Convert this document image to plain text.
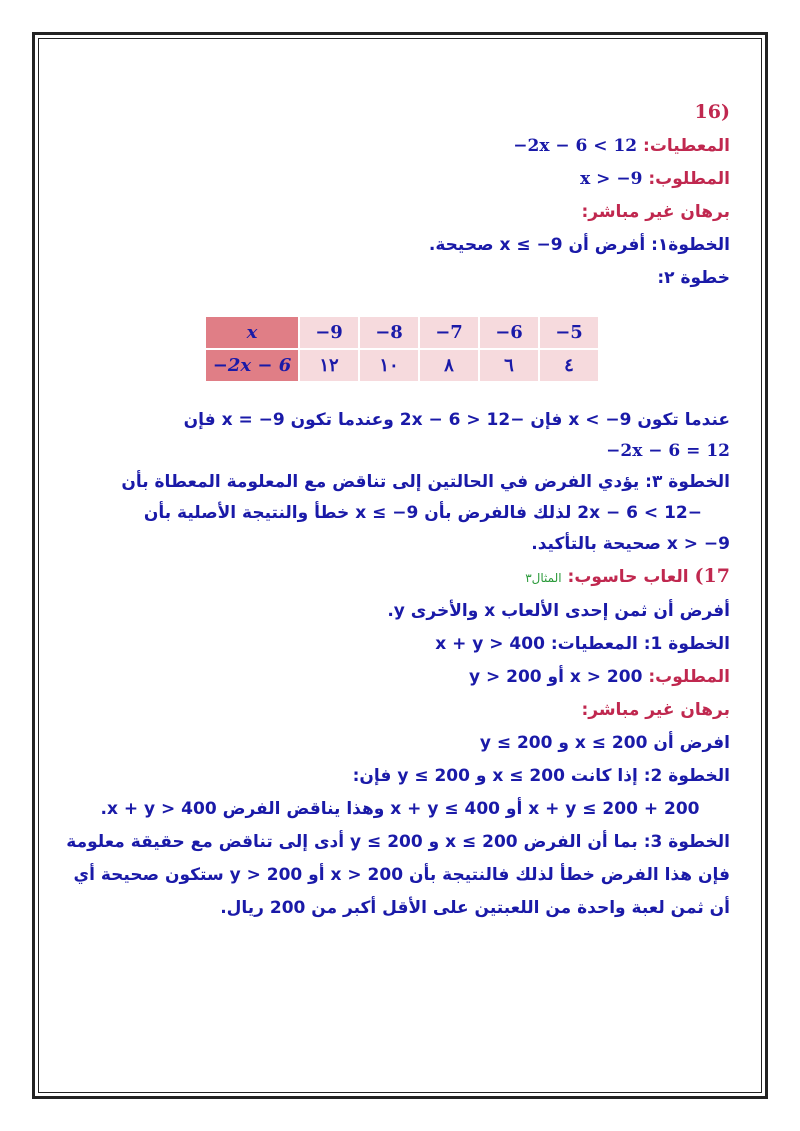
(16
المعطيات: −2x − 6 < 12
المطلوب: x > −9
برهان غير مباشر:
الخطوة١: أفرض أن x ≤ −9 صحيحة.
خطوة ٢:
x	−9	−8	−7	−6	−5
−2x − 6	١٢	١٠	٨	٦	٤
عندما تكون x < −9 فإن −2x − 6 > 12 وعندما تكون x = −9 فإن
−2x − 6 = 12
الخطوة ٣: يؤدي الفرض في الحالتين إلى تناقض مع المعلومة المعطاة بأن
−2x − 6 < 12 لذلك فالفرض بأن x ≤ −9 خطأ والنتيجة الأصلية بأن
x > −9 صحيحة بالتأكيد.
17) العاب حاسوب: المثال٣
أفرض أن ثمن إحدى الألعاب x والأخرى y.
الخطوة 1: المعطيات: x + y > 400
المطلوب: x > 200 أو y > 200
برهان غير مباشر:
افرض أن x ≤ 200 و y ≤ 200
الخطوة 2: إذا كانت x ≤ 200 و y ≤ 200 فإن:
x + y ≤ 200 + 200 أو x + y ≤ 400 وهذا يناقض الفرض x + y > 400.
الخطوة 3: بما أن الفرض x ≤ 200 و y ≤ 200 أدى إلى تناقض مع حقيقة معلومة
فإن هذا الفرض خطأ لذلك فالنتيجة بأن x > 200 أو y > 200 ستكون صحيحة أي
أن ثمن لعبة واحدة من اللعبتين على الأقل أكبر من 200 ريال.
